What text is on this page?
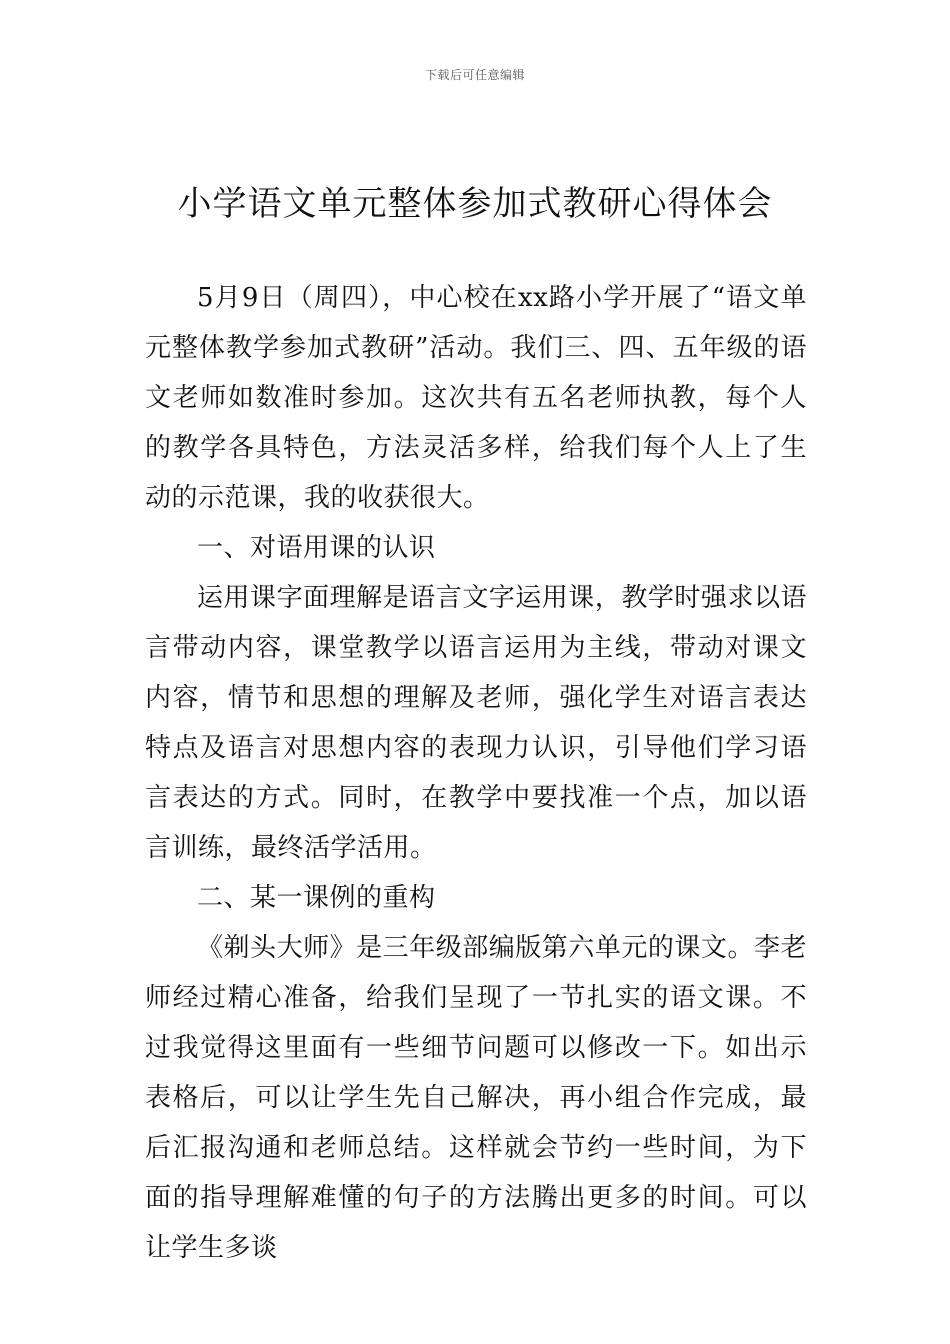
下载后可任意编辑
小学语文单元整体参加式教研心得体会

5月9日（周四），中心校在xx路小学开展了“语文单元整体教学参加式教研”活动。我们三、四、五年级的语文老师如数准时参加。这次共有五名老师执教，每个人的教学各具特色，方法灵活多样，给我们每个人上了生动的示范课，我的收获很大。

一、对语用课的认识

运用课字面理解是语言文字运用课，教学时强求以语言带动内容，课堂教学以语言运用为主线，带动对课文内容，情节和思想的理解及老师，强化学生对语言表达特点及语言对思想内容的表现力认识，引导他们学习语言表达的方式。同时，在教学中要找准一个点，加以语言训练，最终活学活用。

二、某一课例的重构

《剃头大师》是三年级部编版第六单元的课文。李老师经过精心准备，给我们呈现了一节扎实的语文课。不过我觉得这里面有一些细节问题可以修改一下。如出示表格后，可以让学生先自己解决，再小组合作完成，最后汇报沟通和老师总结。这样就会节约一些时间，为下面的指导理解难懂的句子的方法腾出更多的时间。可以让学生多谈
